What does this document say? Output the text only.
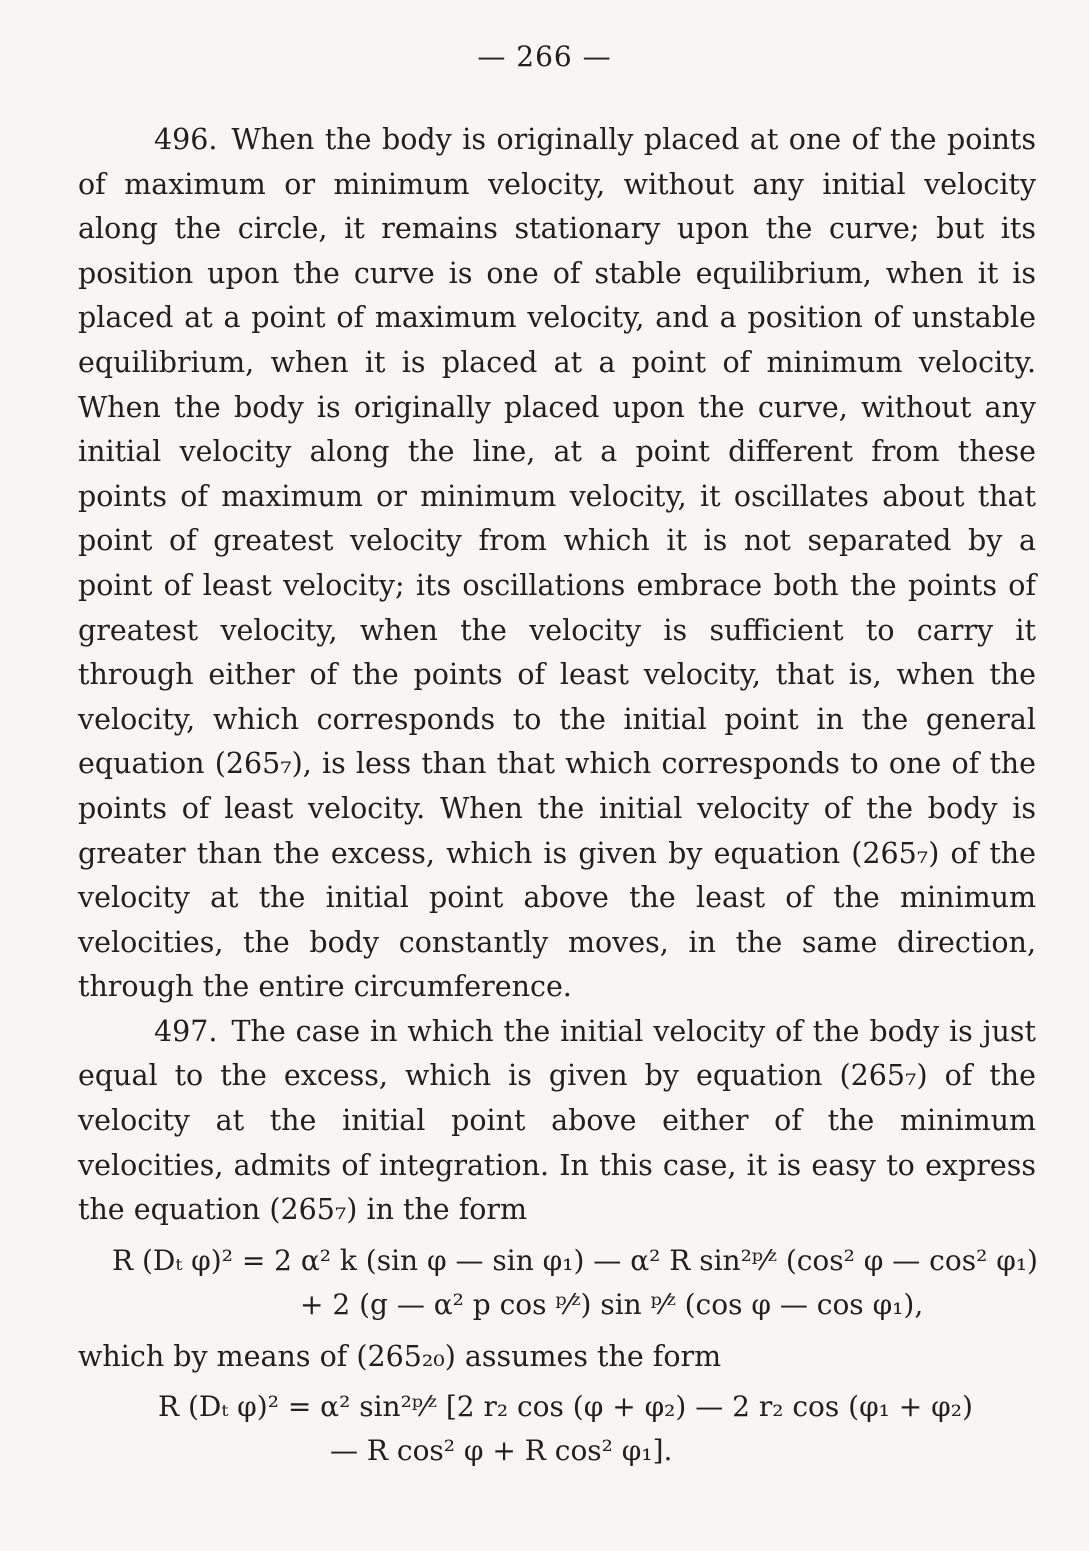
— 266 —

496. When the body is originally placed at one of the points of maximum or minimum velocity, without any initial velocity along the circle, it remains stationary upon the curve; but its position upon the curve is one of stable equilibrium, when it is placed at a point of maximum velocity, and a position of unstable equilibrium, when it is placed at a point of minimum velocity. When the body is originally placed upon the curve, without any initial velocity along the line, at a point different from these points of maximum or minimum velocity, it oscillates about that point of greatest velocity from which it is not separated by a point of least velocity; its oscillations embrace both the points of greatest velocity, when the velocity is sufficient to carry it through either of the points of least velocity, that is, when the velocity, which corresponds to the initial point in the general equation (265₇), is less than that which corresponds to one of the points of least velocity. When the initial velocity of the body is greater than the excess, which is given by equation (265₇) of the velocity at the initial point above the least of the minimum velocities, the body constantly moves, in the same direction, through the entire circumference.

497. The case in which the initial velocity of the body is just equal to the excess, which is given by equation (265₇) of the velocity at the initial point above either of the minimum velocities, admits of integration. In this case, it is easy to express the equation (265₇) in the form

R (Dₜ φ)² = 2 α² k (sin φ — sin φ₁) — α² R sin²ᵖ⁄ᶻ (cos² φ — cos² φ₁)
+ 2 (g — α² p cos ᵖ⁄ᶻ) sin ᵖ⁄ᶻ (cos φ — cos φ₁),

which by means of (265₂₀) assumes the form

R (Dₜ φ)² = α² sin²ᵖ⁄ᶻ [2 r₂ cos (φ + φ₂) — 2 r₂ cos (φ₁ + φ₂)
— R cos² φ + R cos² φ₁].
